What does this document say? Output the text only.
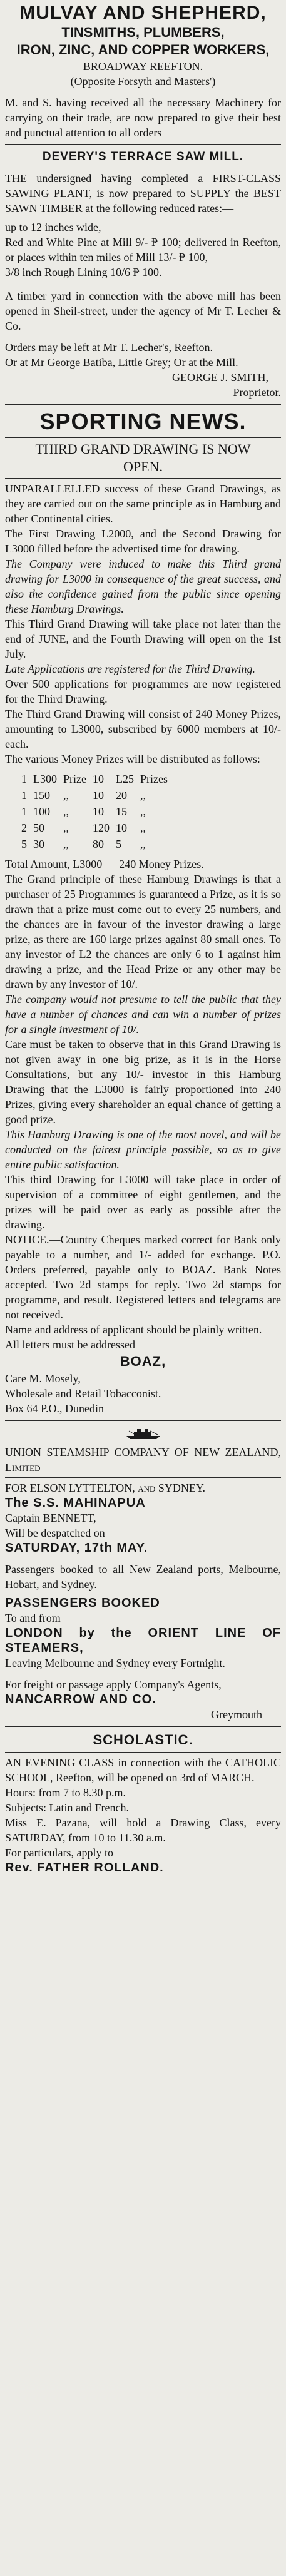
MULVAY AND SHEPHERD,
TINSMITHS, PLUMBERS,
IRON, ZINC, AND COPPER WORKERS,
BROADWAY REEFTON.
(Opposite Forsyth and Masters')

M. and S. having received all the necessary Machinery for carrying on their trade, are now prepared to give their best and punctual attention to all orders

DEVERY'S TERRACE SAW MILL.

THE undersigned having completed a FIRST-CLASS SAWING PLANT, is now prepared to SUPPLY the BEST SAWN TIMBER at the following reduced rates:—

up to 12 inches wide,

Red and White Pine at Mill 9/- ₱ 100; delivered in Reefton, or places within ten miles of Mill 13/- ₱ 100,

3/8 inch Rough Lining 10/6 ₱ 100.

A timber yard in connection with the above mill has been opened in Sheil-street, under the agency of Mr T. Lecher & Co.

Orders may be left at Mr T. Lecher's, Reefton.

Or at Mr George Batiba, Little Grey; Or at the Mill.

GEORGE J. SMITH,

Proprietor.

SPORTING NEWS.
THIRD GRAND DRAWING IS NOW OPEN.

UNPARALLELLED success of these Grand Drawings, as they are carried out on the same principle as in Hamburg and other Continental cities.

The First Drawing L2000, and the Second Drawing for L3000 filled before the advertised time for drawing.

The Company were induced to make this Third grand drawing for L3000 in consequence of the great success, and also the confidence gained from the public since opening these Hamburg Drawings.

This Third Grand Drawing will take place not later than the end of JUNE, and the Fourth Drawing will open on the 1st July.

Late Applications are registered for the Third Drawing.

Over 500 applications for programmes are now registered for the Third Drawing.

The Third Grand Drawing will consist of 240 Money Prizes, amounting to L3000, subscribed by 6000 members at 10/- each.

The various Money Prizes will be distributed as follows:—

1	L300	Prize	10	L25	Prizes
1	150	,,	10	20	,,
1	100	,,	10	15	,,
2	50	,,	120	10	,,
5	30	,,	80	5	,,

Total Amount, L3000 — 240 Money Prizes.

The Grand principle of these Hamburg Drawings is that a purchaser of 25 Programmes is guaranteed a Prize, as it is so drawn that a prize must come out to every 25 numbers, and the chances are in favour of the investor drawing a large prize, as there are 160 large prizes against 80 small ones. To any investor of L2 the chances are only 6 to 1 against him drawing a prize, and the Head Prize or any other may be drawn by any investor of 10/.

The company would not presume to tell the public that they have a number of chances and can win a number of prizes for a single investment of 10/.

Care must be taken to observe that in this Grand Drawing is not given away in one big prize, as it is in the Horse Consultations, but any 10/- investor in this Hamburg Drawing that the L3000 is fairly proportioned into 240 Prizes, giving every shareholder an equal chance of getting a good prize.

This Hamburg Drawing is one of the most novel, and will be conducted on the fairest principle possible, so as to give entire public satisfaction.

This third Drawing for L3000 will take place in order of supervision of a committee of eight gentlemen, and the prizes will be paid over as early as possible after the drawing.

NOTICE.—Country Cheques marked correct for Bank only payable to a number, and 1/- added for exchange. P.O. Orders preferred, payable only to BOAZ. Bank Notes accepted. Two 2d stamps for reply. Two 2d stamps for programme, and result. Registered letters and telegrams are not received.

Name and address of applicant should be plainly written.

All letters must be addressed

BOAZ,

Care M. Mosely,

Wholesale and Retail Tobacconist.

Box 64 P.O., Dunedin

UNION STEAMSHIP COMPANY OF NEW ZEALAND, Limited

FOR ELSON LYTTELTON, and SYDNEY.

The S.S. MAHINAPUA

Captain BENNETT,

Will be despatched on

SATURDAY, 17th MAY.

Passengers booked to all New Zealand ports, Melbourne, Hobart, and Sydney.

PASSENGERS BOOKED

To and from

LONDON by the ORIENT LINE OF STEAMERS,

Leaving Melbourne and Sydney every Fortnight.

For freight or passage apply Company's Agents,

NANCARROW AND CO.

Greymouth

SCHOLASTIC.

AN EVENING CLASS in connection with the CATHOLIC SCHOOL, Reefton, will be opened on 3rd of MARCH.

Hours: from 7 to 8.30 p.m.

Subjects: Latin and French.

Miss E. Pazana, will hold a Drawing Class, every SATURDAY, from 10 to 11.30 a.m.

For particulars, apply to

Rev. FATHER ROLLAND.
